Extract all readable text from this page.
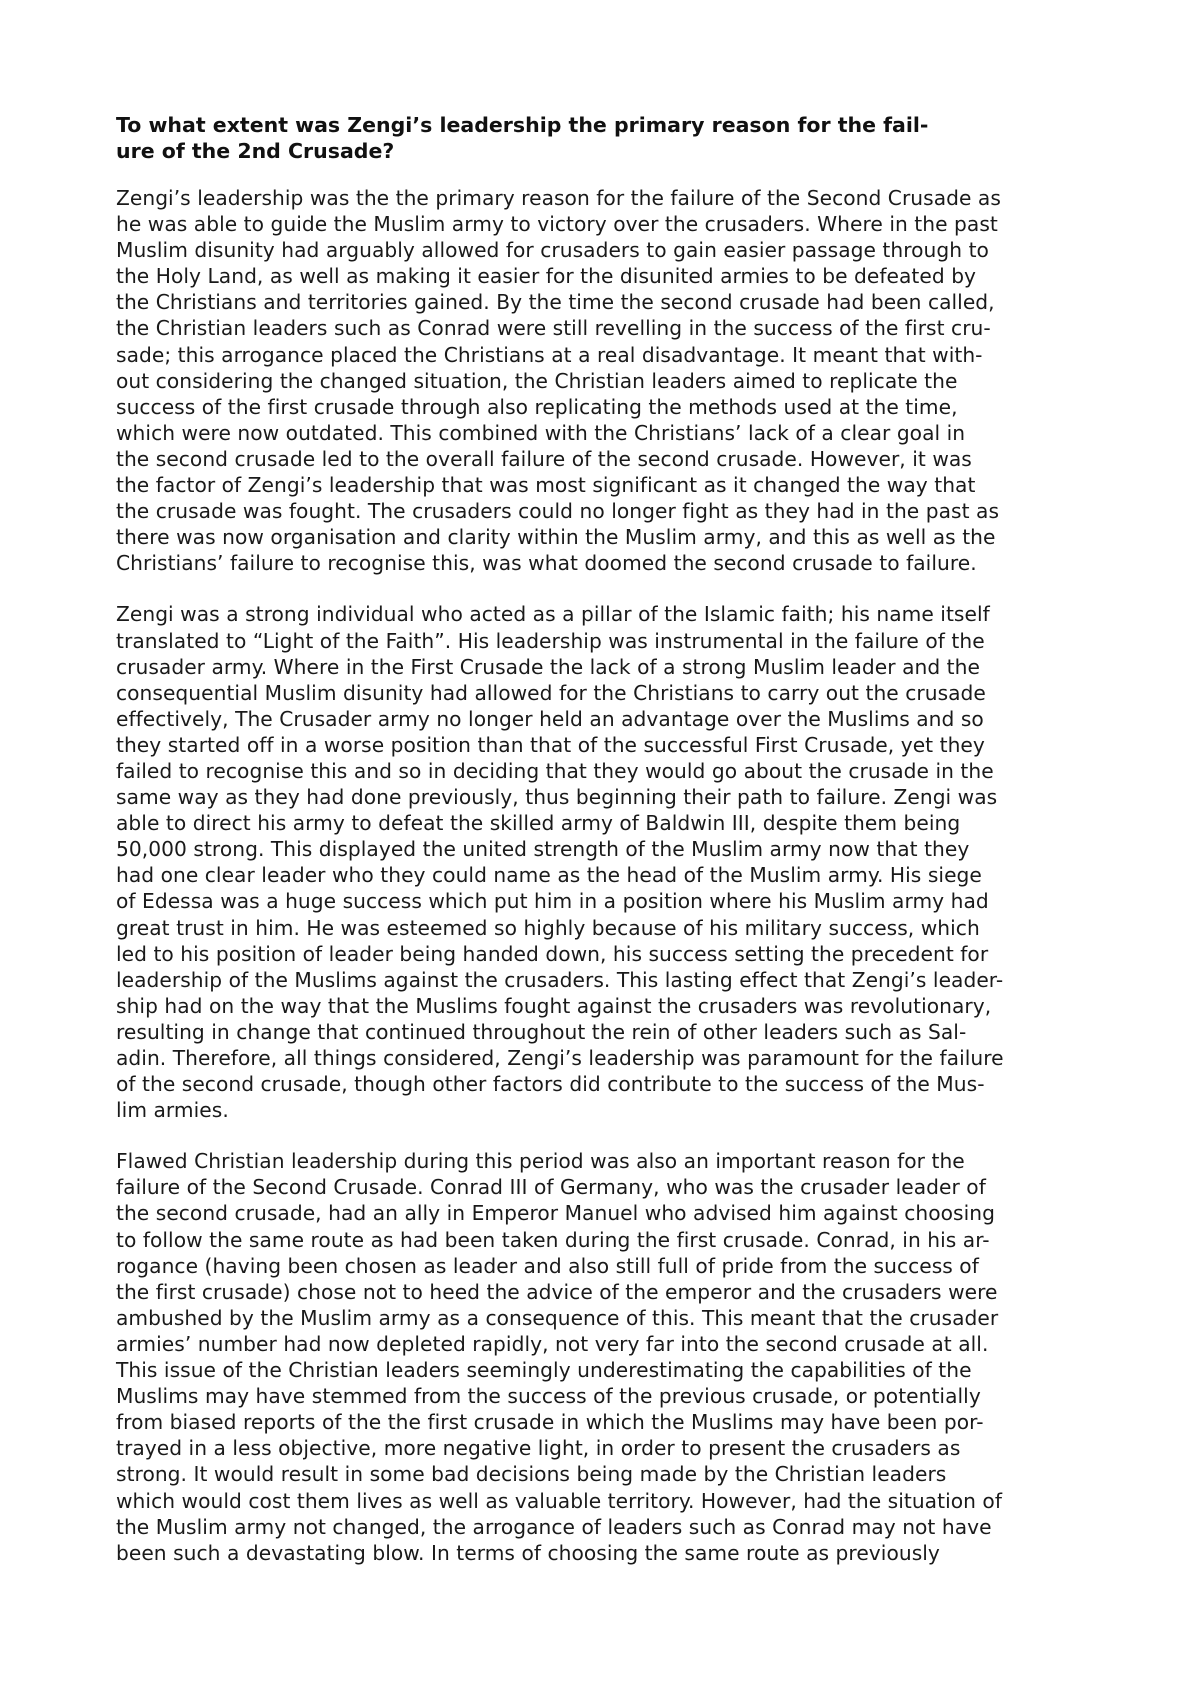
To what extent was Zengi’s leadership the primary reason for the fail-
ure of the 2nd Crusade?

Zengi’s leadership was the the primary reason for the failure of the Second Crusade as
he was able to guide the Muslim army to victory over the crusaders. Where in the past
Muslim disunity had arguably allowed for crusaders to gain easier passage through to
the Holy Land, as well as making it easier for the disunited armies to be defeated by
the Christians and territories gained. By the time the second crusade had been called,
the Christian leaders such as Conrad were still revelling in the success of the first cru-
sade; this arrogance placed the Christians at a real disadvantage. It meant that with-
out considering the changed situation, the Christian leaders aimed to replicate the
success of the first crusade through also replicating the methods used at the time,
which were now outdated. This combined with the Christians’ lack of a clear goal in
the second crusade led to the overall failure of the second crusade. However, it was
the factor of Zengi’s leadership that was most significant as it changed the way that
the crusade was fought. The crusaders could no longer fight as they had in the past as
there was now organisation and clarity within the Muslim army, and this as well as the
Christians’ failure to recognise this, was what doomed the second crusade to failure.

Zengi was a strong individual who acted as a pillar of the Islamic faith; his name itself
translated to “Light of the Faith”. His leadership was instrumental in the failure of the
crusader army. Where in the First Crusade the lack of a strong Muslim leader and the
consequential Muslim disunity had allowed for the Christians to carry out the crusade
effectively, The Crusader army no longer held an advantage over the Muslims and so
they started off in a worse position than that of the successful First Crusade, yet they
failed to recognise this and so in deciding that they would go about the crusade in the
same way as they had done previously, thus beginning their path to failure. Zengi was
able to direct his army to defeat the skilled army of Baldwin III, despite them being
50,000 strong. This displayed the united strength of the Muslim army now that they
had one clear leader who they could name as the head of the Muslim army. His siege
of Edessa was a huge success which put him in a position where his Muslim army had
great trust in him. He was esteemed so highly because of his military success, which
led to his position of leader being handed down, his success setting the precedent for
leadership of the Muslims against the crusaders. This lasting effect that Zengi’s leader-
ship had on the way that the Muslims fought against the crusaders was revolutionary,
resulting in change that continued throughout the rein of other leaders such as Sal-
adin. Therefore, all things considered, Zengi’s leadership was paramount for the failure
of the second crusade, though other factors did contribute to the success of the Mus-
lim armies.

Flawed Christian leadership during this period was also an important reason for the
failure of the Second Crusade. Conrad III of Germany, who was the crusader leader of
the second crusade, had an ally in Emperor Manuel who advised him against choosing
to follow the same route as had been taken during the first crusade. Conrad, in his ar-
rogance (having been chosen as leader and also still full of pride from the success of
the first crusade) chose not to heed the advice of the emperor and the crusaders were
ambushed by the Muslim army as a consequence of this. This meant that the crusader
armies’ number had now depleted rapidly, not very far into the second crusade at all.
This issue of the Christian leaders seemingly underestimating the capabilities of the
Muslims may have stemmed from the success of the previous crusade, or potentially
from biased reports of the the first crusade in which the Muslims may have been por-
trayed in a less objective, more negative light, in order to present the crusaders as
strong. It would result in some bad decisions being made by the Christian leaders
which would cost them lives as well as valuable territory. However, had the situation of
the Muslim army not changed, the arrogance of leaders such as Conrad may not have
been such a devastating blow. In terms of choosing the same route as previously
